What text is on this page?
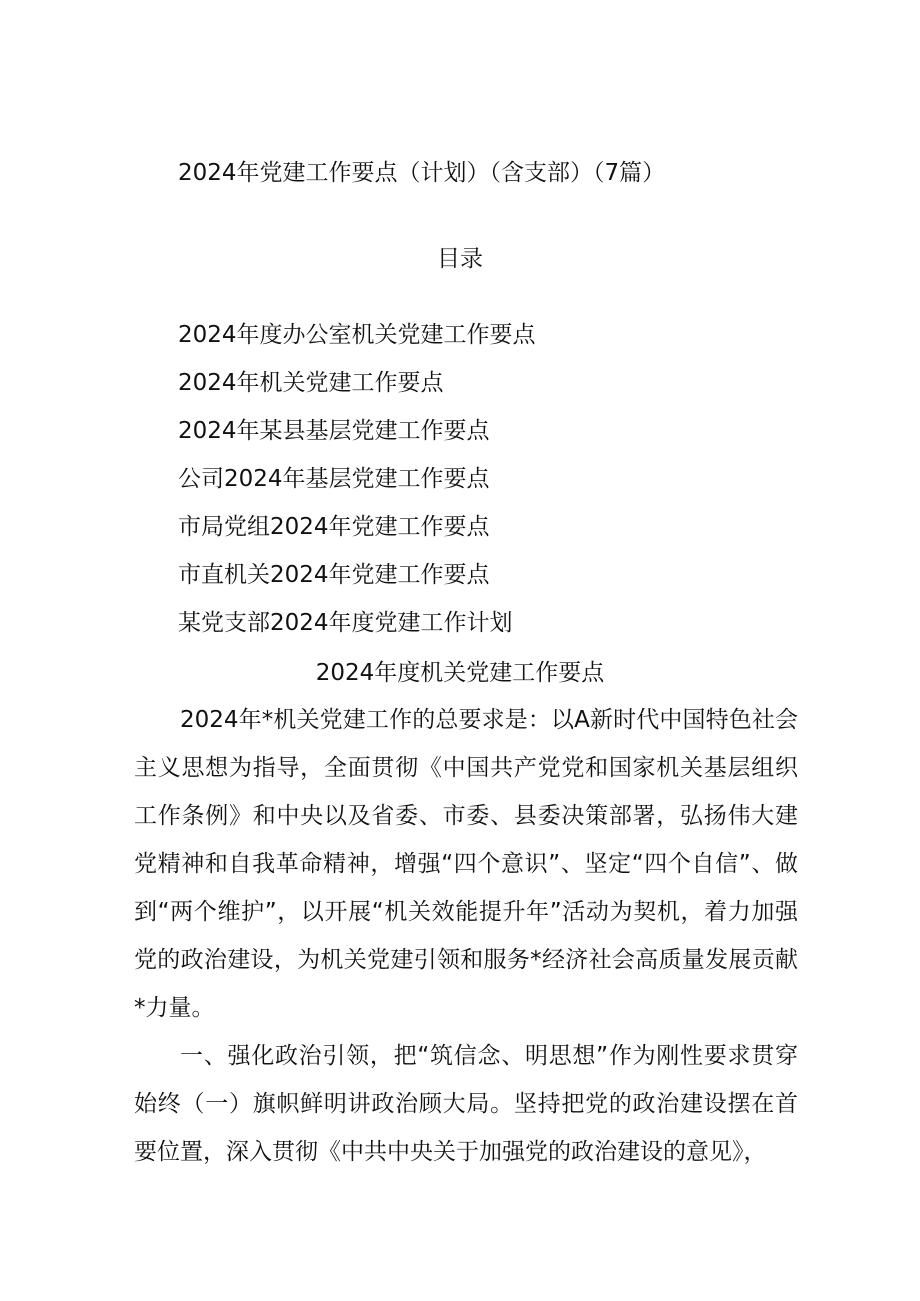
2024年党建工作要点（计划）（含支部）（7篇）
目录
2024年度办公室机关党建工作要点
2024年机关党建工作要点
2024年某县基层党建工作要点
公司2024年基层党建工作要点
市局党组2024年党建工作要点
市直机关2024年党建工作要点
某党支部2024年度党建工作计划
2024年度机关党建工作要点

2024年*机关党建工作的总要求是：以A新时代中国特色社会主义思想为指导，全面贯彻《中国共产党党和国家机关基层组织工作条例》和中央以及省委、市委、县委决策部署，弘扬伟大建党精神和自我革命精神，增强“四个意识”、坚定“四个自信”、做到“两个维护”，以开展“机关效能提升年”活动为契机，着力加强党的政治建设，为机关党建引领和服务*经济社会高质量发展贡献*力量。

一、强化政治引领，把“筑信念、明思想”作为刚性要求贯穿始终（一）旗帜鲜明讲政治顾大局。坚持把党的政治建设摆在首要位置，深入贯彻《中共中央关于加强党的政治建设的意见》，
